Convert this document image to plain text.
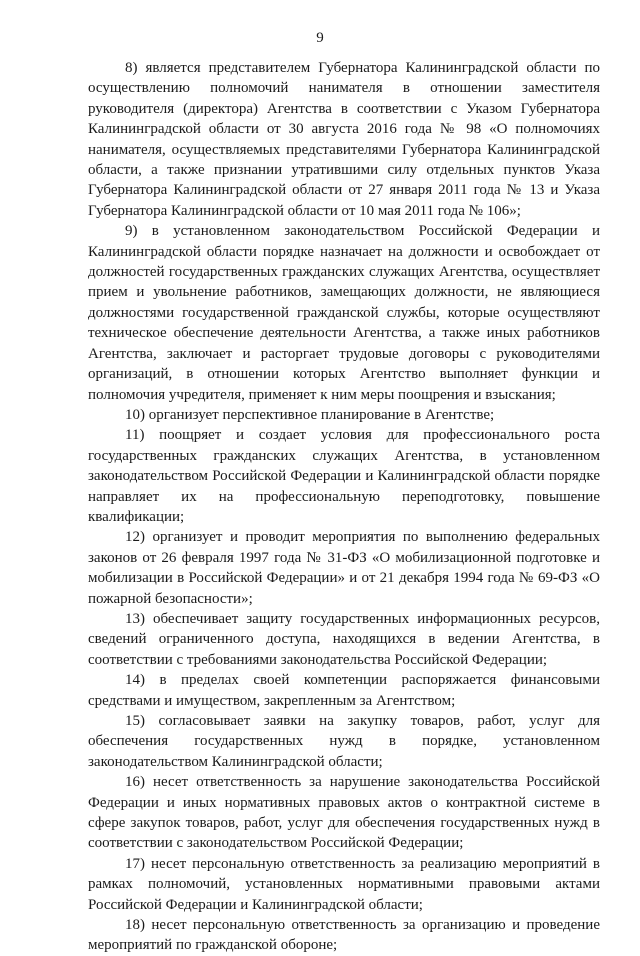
9

8) является представителем Губернатора Калининградской области по осуществлению полномочий нанимателя в отношении заместителя руководителя (директора) Агентства в соответствии с Указом Губернатора Калининградской области от 30 августа 2016 года № 98 «О полномочиях нанимателя, осуществляемых представителями Губернатора Калининградской области, а также признании утратившими силу отдельных пунктов Указа Губернатора Калининградской области от 27 января 2011 года № 13 и Указа Губернатора Калининградской области от 10 мая 2011 года № 106»;

9) в установленном законодательством Российской Федерации и Калининградской области порядке назначает на должности и освобождает от должностей государственных гражданских служащих Агентства, осуществляет прием и увольнение работников, замещающих должности, не являющиеся должностями государственной гражданской службы, которые осуществляют техническое обеспечение деятельности Агентства, а также иных работников Агентства, заключает и расторгает трудовые договоры с руководителями организаций, в отношении которых Агентство выполняет функции и полномочия учредителя, применяет к ним меры поощрения и взыскания;

10) организует перспективное планирование в Агентстве;

11) поощряет и создает условия для профессионального роста государственных гражданских служащих Агентства, в установленном законодательством Российской Федерации и Калининградской области порядке направляет их на профессиональную переподготовку, повышение квалификации;

12) организует и проводит мероприятия по выполнению федеральных законов от 26 февраля 1997 года № 31-ФЗ «О мобилизационной подготовке и мобилизации в Российской Федерации» и от 21 декабря 1994 года № 69-ФЗ «О пожарной безопасности»;

13) обеспечивает защиту государственных информационных ресурсов, сведений ограниченного доступа, находящихся в ведении Агентства, в соответствии с требованиями законодательства Российской Федерации;

14) в пределах своей компетенции распоряжается финансовыми средствами и имуществом, закрепленным за Агентством;

15) согласовывает заявки на закупку товаров, работ, услуг для обеспечения государственных нужд в порядке, установленном законодательством Калининградской области;

16) несет ответственность за нарушение законодательства Российской Федерации и иных нормативных правовых актов о контрактной системе в сфере закупок товаров, работ, услуг для обеспечения государственных нужд в соответствии с законодательством Российской Федерации;

17) несет персональную ответственность за реализацию мероприятий в рамках полномочий, установленных нормативными правовыми актами Российской Федерации и Калининградской области;

18) несет персональную ответственность за организацию и проведение мероприятий по гражданской обороне;
